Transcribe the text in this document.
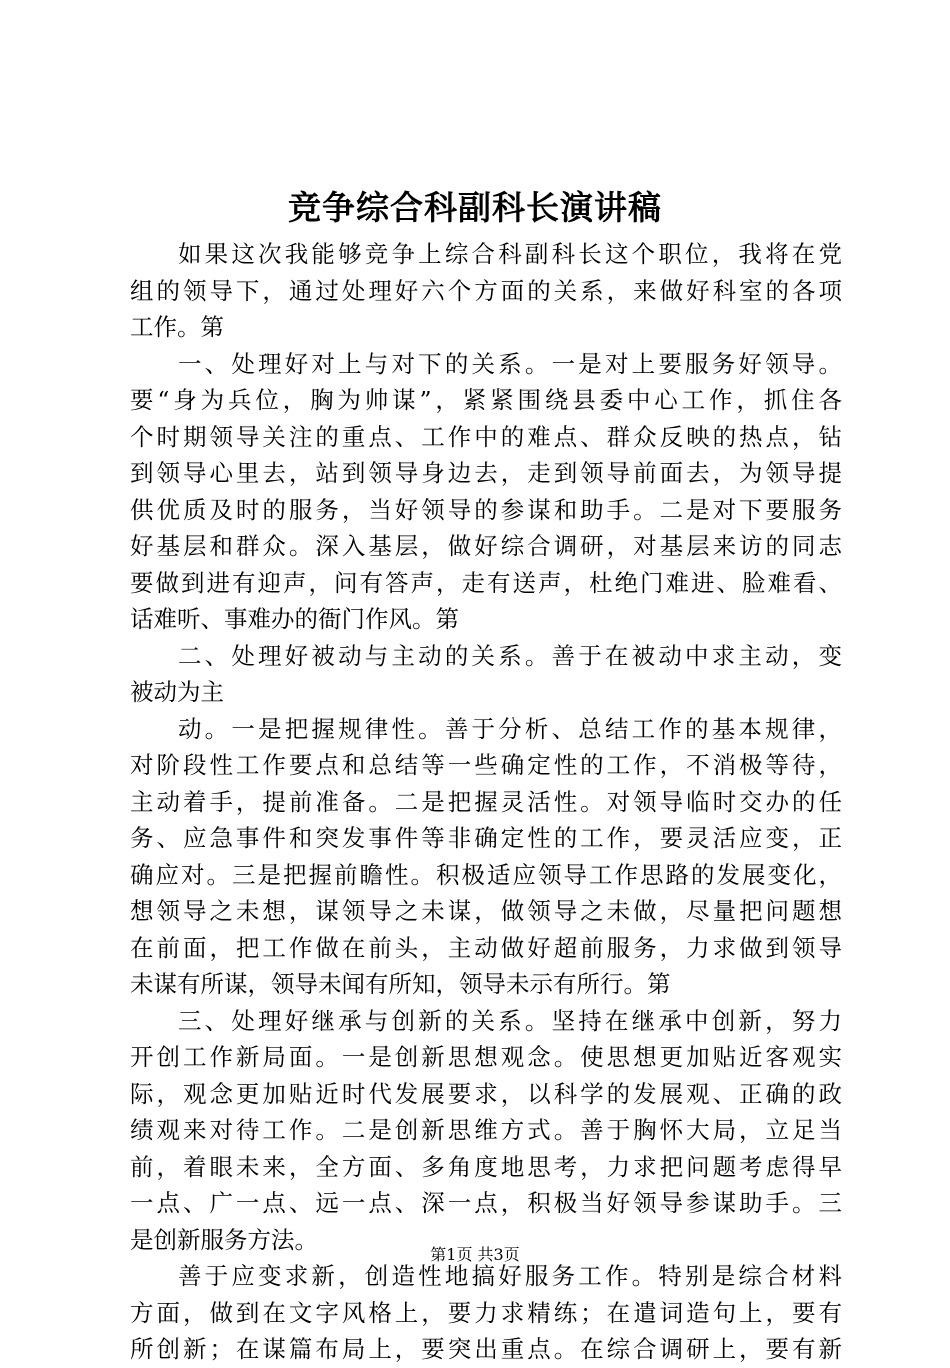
竞争综合科副科长演讲稿
如果这次我能够竞争上综合科副科长这个职位，我将在党
组的领导下，通过处理好六个方面的关系，来做好科室的各项
工作。第
一、处理好对上与对下的关系。一是对上要服务好领导。
要“身为兵位，胸为帅谋”，紧紧围绕县委中心工作，抓住各
个时期领导关注的重点、工作中的难点、群众反映的热点，钻
到领导心里去，站到领导身边去，走到领导前面去，为领导提
供优质及时的服务，当好领导的参谋和助手。二是对下要服务
好基层和群众。深入基层，做好综合调研，对基层来访的同志
要做到进有迎声，问有答声，走有送声，杜绝门难进、脸难看、
话难听、事难办的衙门作风。第
二、处理好被动与主动的关系。善于在被动中求主动，变
被动为主
动。一是把握规律性。善于分析、总结工作的基本规律，
对阶段性工作要点和总结等一些确定性的工作，不消极等待，
主动着手，提前准备。二是把握灵活性。对领导临时交办的任
务、应急事件和突发事件等非确定性的工作，要灵活应变，正
确应对。三是把握前瞻性。积极适应领导工作思路的发展变化，
想领导之未想，谋领导之未谋，做领导之未做，尽量把问题想
在前面，把工作做在前头，主动做好超前服务，力求做到领导
未谋有所谋，领导未闻有所知，领导未示有所行。第
三、处理好继承与创新的关系。坚持在继承中创新，努力
开创工作新局面。一是创新思想观念。使思想更加贴近客观实
际，观念更加贴近时代发展要求，以科学的发展观、正确的政
绩观来对待工作。二是创新思维方式。善于胸怀大局，立足当
前，着眼未来，全方面、多角度地思考，力求把问题考虑得早
一点、广一点、远一点、深一点，积极当好领导参谋助手。三
是创新服务方法。
善于应变求新，创造性地搞好服务工作。特别是综合材料
方面，做到在文字风格上，要力求精练；在遣词造句上，要有
所创新；在谋篇布局上，要突出重点。在综合调研上，要有新
第1页 共3页
